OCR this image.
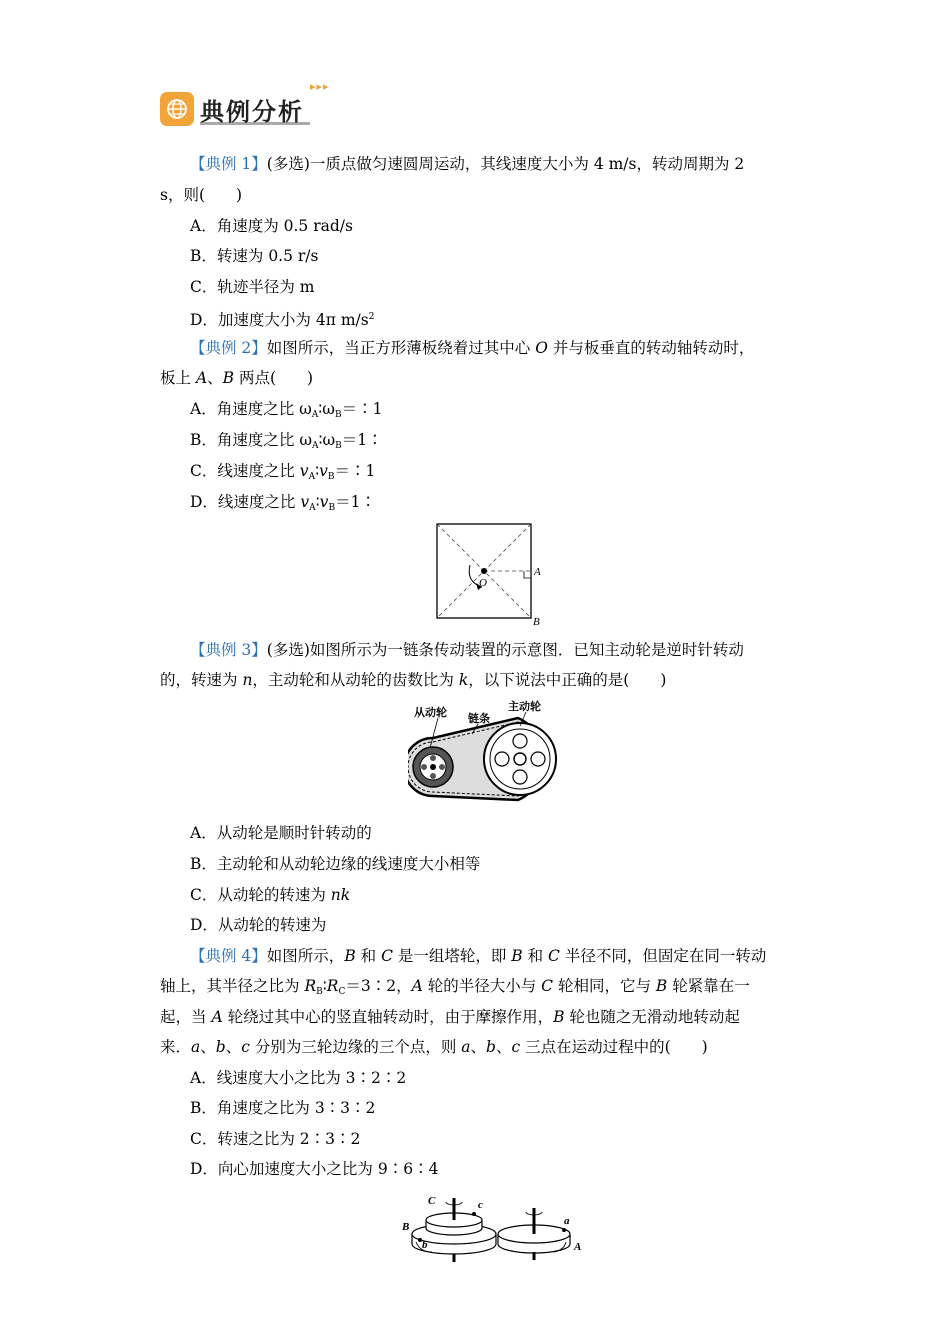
典例分析
▸▸▸
【典例 1】(多选)一质点做匀速圆周运动，其线速度大小为 4 m/s，转动周期为 2
s，则(　　)
A．角速度为 0.5 rad/s
B．转速为 0.5 r/s
C．轨迹半径为 m
D．加速度大小为 4π $m/s^2$
【典例 2】如图所示，当正方形薄板绕着过其中心 O 并与板垂直的转动轴转动时，
板上 A、B 两点(　　)
A．角速度之比 $\omega_A∶\omega_B=∶1$
B．角速度之比 $\omega_A∶\omega_B=1∶$
C．线速度之比 $v_A∶v_B=∶1$
D．线速度之比 $v_A∶v_B=1∶$
O
A
B
【典例 3】(多选)如图所示为一链条传动装置的示意图．已知主动轮是逆时针转动
的，转速为 n，主动轮和从动轮的齿数比为 k，以下说法中正确的是(　　)
从动轮 链条
主动轮
A．从动轮是顺时针转动的
B．主动轮和从动轮边缘的线速度大小相等
C．从动轮的转速为 nk
D．从动轮的转速为
【典例 4】如图所示，B 和 C 是一组塔轮，即 B 和 C 半径不同，但固定在同一转动
轴上，其半径之比为 $R_B∶R_C=3∶2$，A 轮的半径大小与 C 轮相同，它与 B 轮紧靠在一
起，当 A 轮绕过其中心的竖直轴转动时，由于摩擦作用，B 轮也随之无滑动地转动起
来．a、b、c 分别为三轮边缘的三个点，则 a、b、c 三点在运动过程中的(　　)
A．线速度大小之比为 3∶2∶2
B．角速度之比为 3∶3∶2
C．转速之比为 2∶3∶2
D．向心加速度大小之比为 9∶6∶4
C	c
B
b
a
A
